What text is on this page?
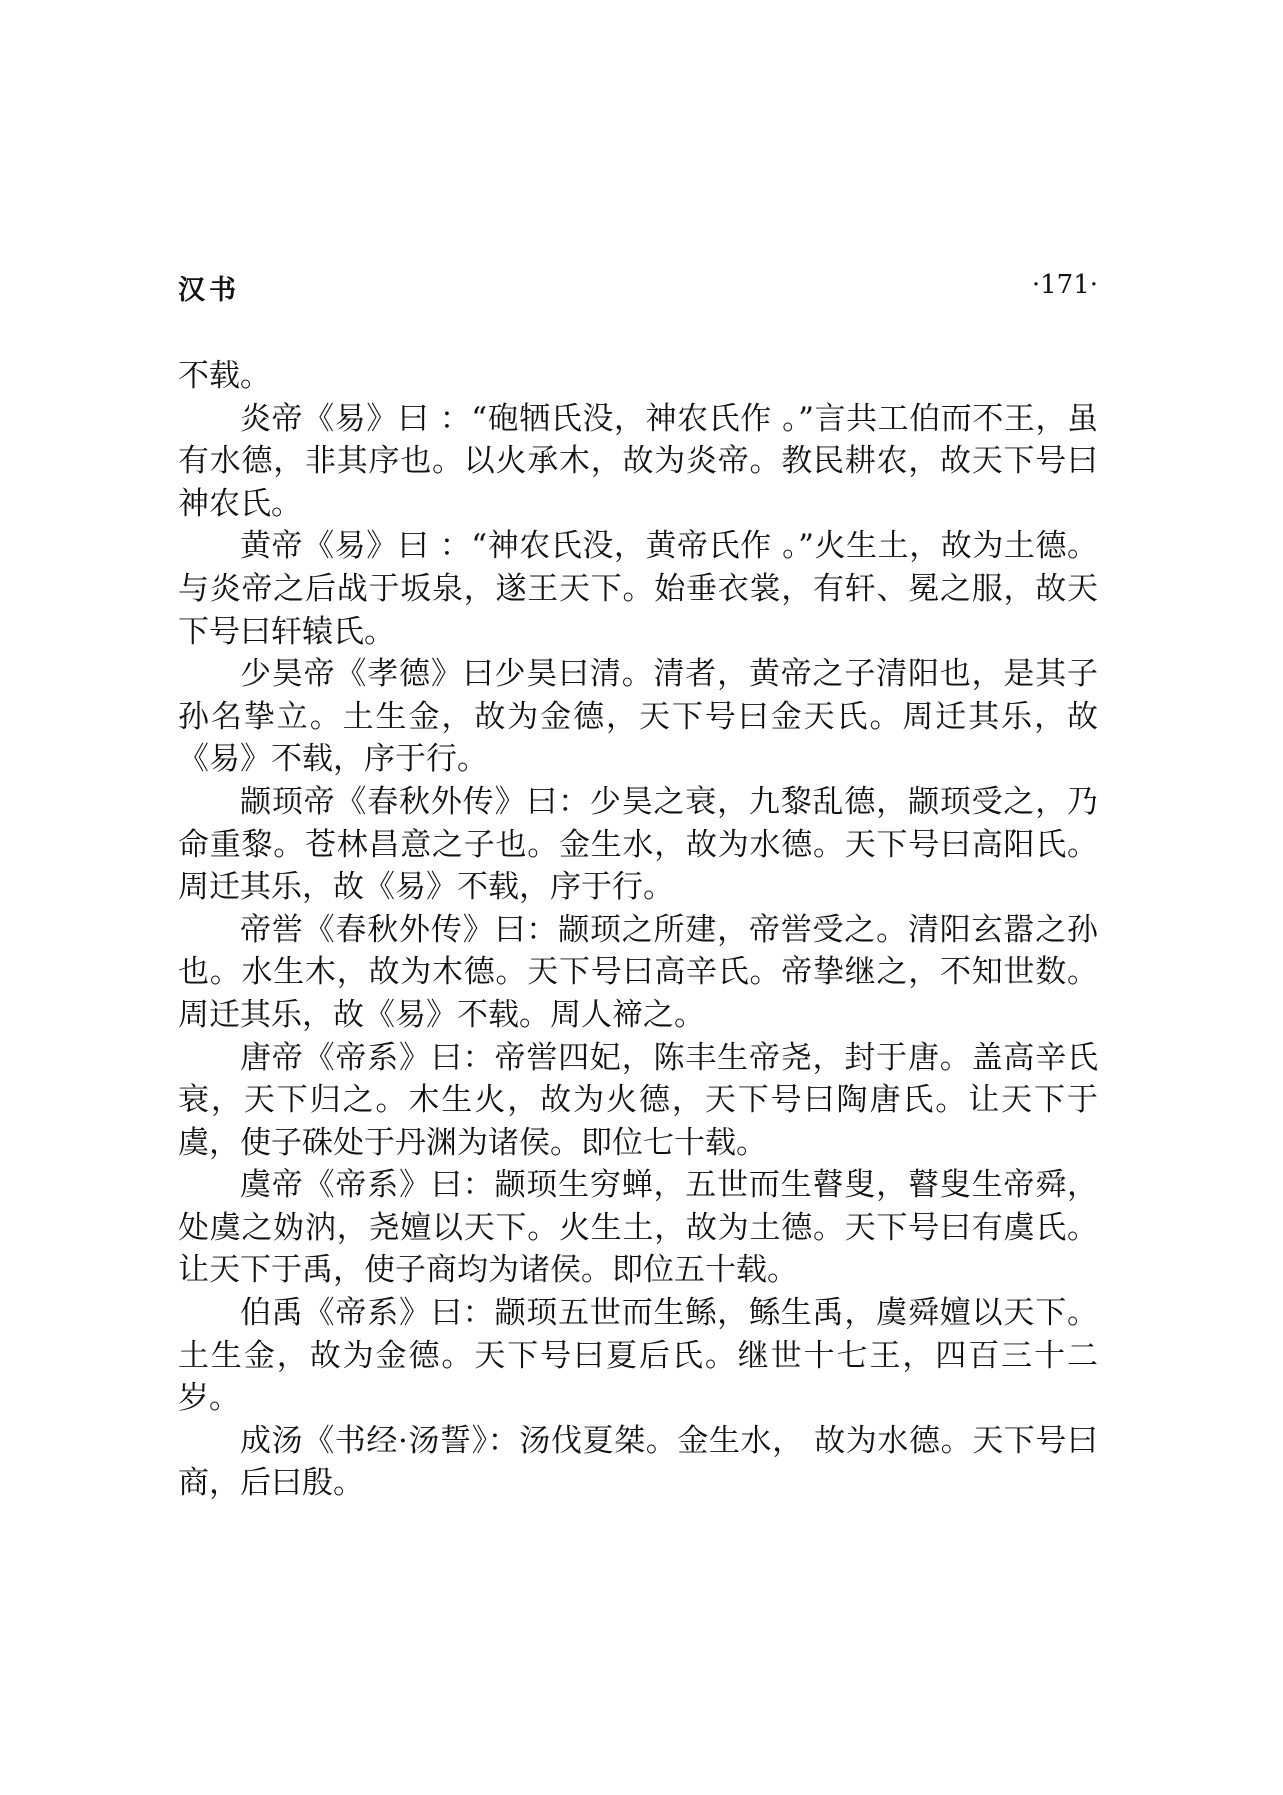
汉书	·171·

不载。

炎帝《易》曰 ：“砲牺氏没，神农氏作 。”言共工伯而不王，虽有水德，非其序也。以火承木，故为炎帝。教民耕农，故天下号曰神农氏。

黄帝《易》曰 ：“神农氏没，黄帝氏作 。”火生土，故为土德。与炎帝之后战于坂泉，遂王天下。始垂衣裳，有轩、冕之服，故天下号曰轩辕氏。

少昊帝《孝德》曰少昊曰清。清者，黄帝之子清阳也，是其子孙名挚立。土生金，故为金德，天下号曰金天氏。周迁其乐，故《易》不载，序于行。

颛顼帝《春秋外传》曰：少昊之衰，九黎乱德，颛顼受之，乃命重黎。苍林昌意之子也。金生水，故为水德。天下号曰高阳氏。周迁其乐，故《易》不载，序于行。

帝喾《春秋外传》曰：颛顼之所建，帝喾受之。清阳玄嚣之孙也。水生木，故为木德。天下号曰高辛氏。帝挚继之，不知世数。周迁其乐，故《易》不载。周人禘之。

唐帝《帝系》曰：帝喾四妃，陈丰生帝尧，封于唐。盖高辛氏衰，天下归之。木生火，故为火德，天下号曰陶唐氏。让天下于虞，使子硃处于丹渊为诸侯。即位七十载。

虞帝《帝系》曰：颛顼生穷蝉，五世而生瞽叟，瞽叟生帝舜，处虞之妫汭，尧嬗以天下。火生土，故为土德。天下号曰有虞氏。让天下于禹，使子商均为诸侯。即位五十载。

伯禹《帝系》曰：颛顼五世而生鲧，鲧生禹，虞舜嬗以天下。土生金，故为金德。天下号曰夏后氏。继世十七王，四百三十二岁。

成汤《书经·汤誓》：汤伐夏桀。金生水， 故为水德。天下号曰商，后曰殷。
